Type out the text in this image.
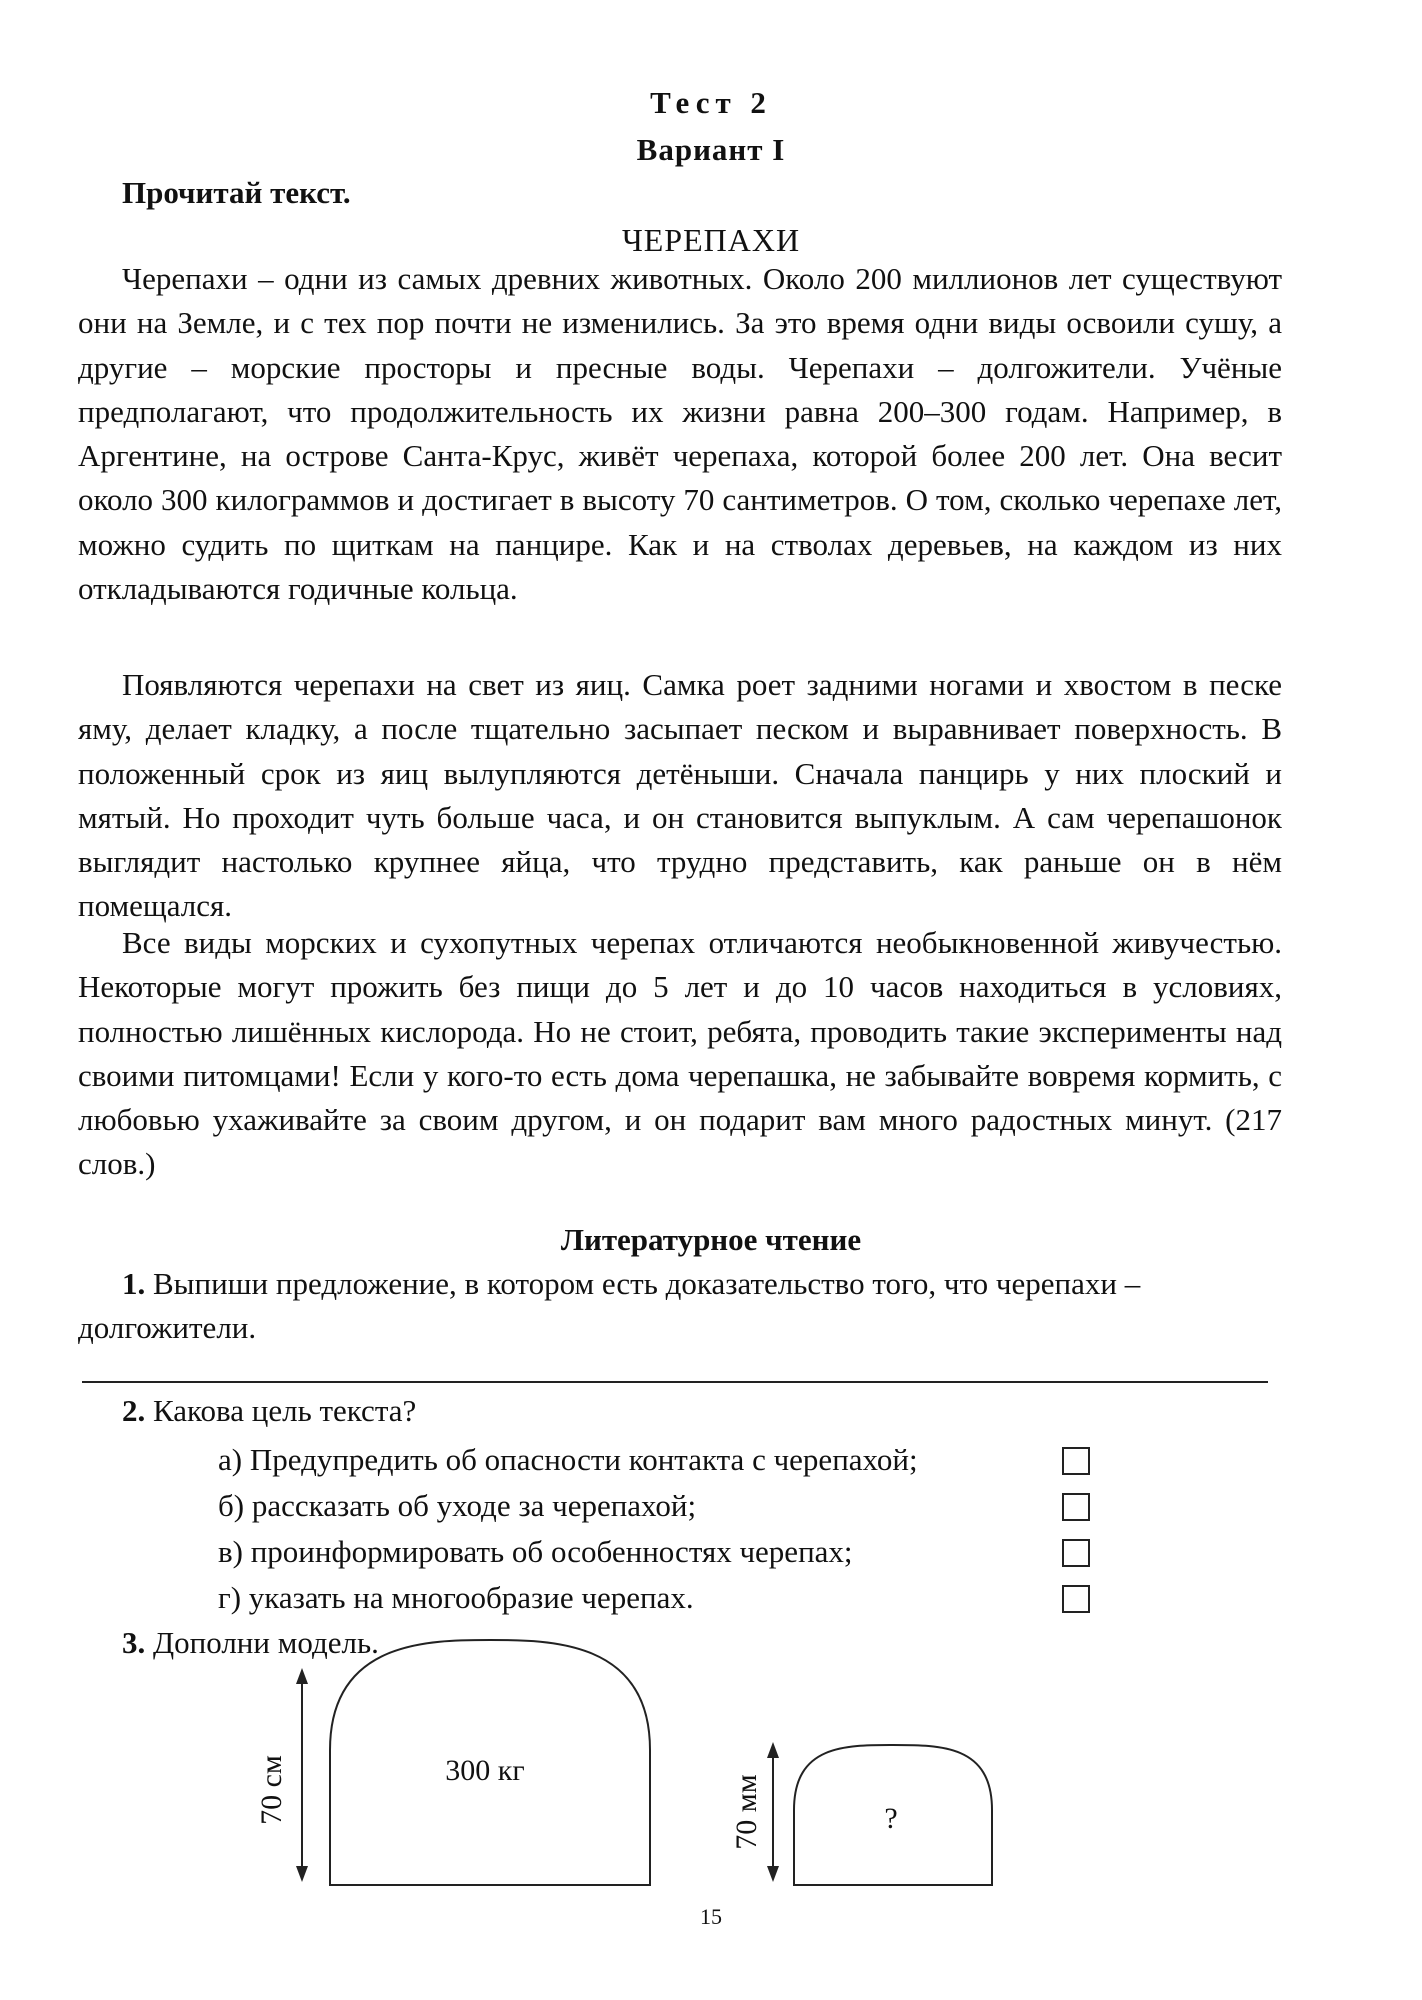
Тест 2
Вариант I
Прочитай текст.
ЧЕРЕПАХИ

Черепахи – одни из самых древних животных. Около 200 миллионов лет существуют они на Земле, и с тех пор почти не изменились. За это время одни виды освоили сушу, а другие – морские просторы и пресные воды. Черепахи – долгожители. Учёные предполагают, что продолжительность их жизни равна 200–300 годам. Например, в Аргентине, на острове Санта-Крус, живёт черепаха, которой более 200 лет. Она весит около 300 килограммов и достигает в высоту 70 сантиметров. О том, сколько черепахе лет, можно судить по щиткам на панцире. Как и на стволах деревьев, на каждом из них откладываются годичные кольца.

Появляются черепахи на свет из яиц. Самка роет задними ногами и хвостом в песке яму, делает кладку, а после тщательно засыпает песком и выравнивает поверхность. В положенный срок из яиц вылупляются детёныши. Сначала панцирь у них плоский и мятый. Но проходит чуть больше часа, и он становится выпуклым. А сам черепашонок выглядит настолько крупнее яйца, что трудно представить, как раньше он в нём помещался.

Все виды морских и сухопутных черепах отличаются необыкновенной живучестью. Некоторые могут прожить без пищи до 5 лет и до 10 часов находиться в условиях, полностью лишённых кислорода. Но не стоит, ребята, проводить такие эксперименты над своими питомцами! Если у кого-то есть дома черепашка, не забывайте вовремя кормить, с любовью ухаживайте за своим другом, и он подарит вам много радостных минут. (217 слов.)

Литературное чтение
1. Выпиши предложение, в котором есть доказательство того, что черепахи – долгожители.
2. Какова цель текста?
а) Предупредить об опасности контакта с черепахой;
б) рассказать об уходе за черепахой;
в) проинформировать об особенностях черепах;
г) указать на многообразие черепах.
3. Дополни модель.
70 см	300 кг
70 мм	?
15
